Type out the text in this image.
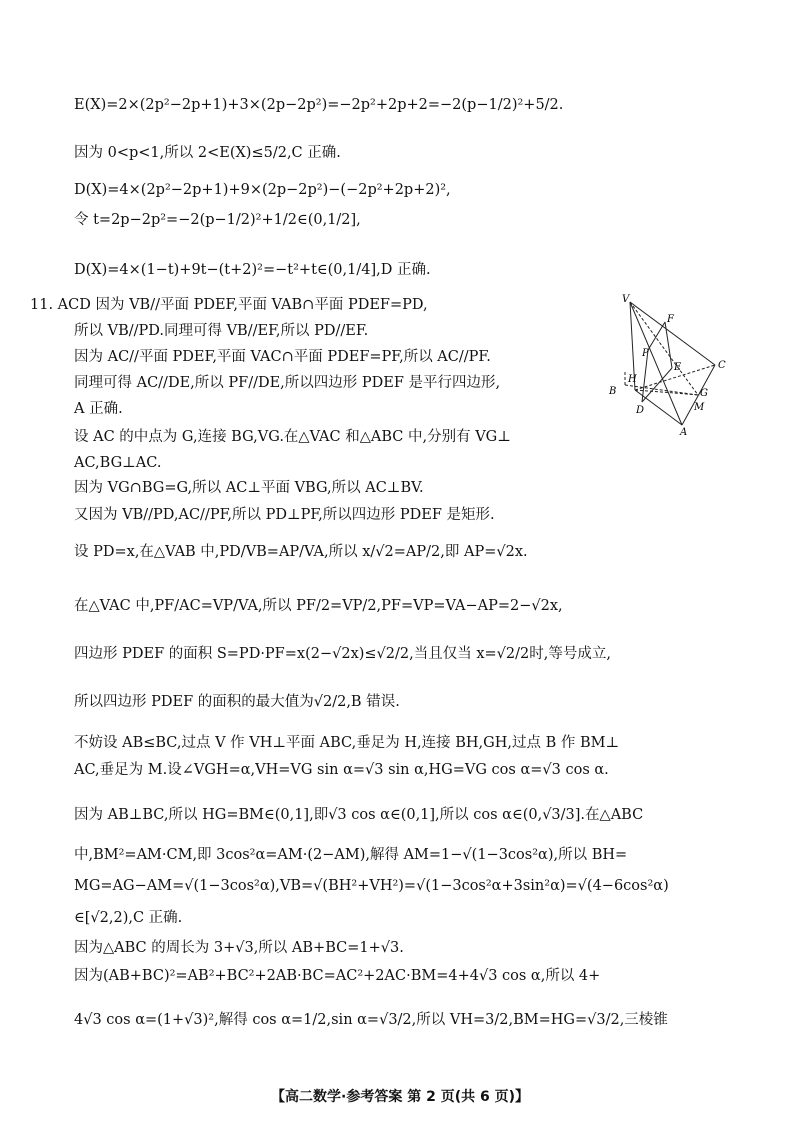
E(X)=2×(2p²−2p+1)+3×(2p−2p²)=−2p²+2p+2=−2(p−1/2)²+5/2.
因为 0<p<1,所以 2<E(X)≤5/2,C 正确.
D(X)=4×(2p²−2p+1)+9×(2p−2p²)−(−2p²+2p+2)²,
令 t=2p−2p²=−2(p−1/2)²+1/2∈(0,1/2],
D(X)=4×(1−t)+9t−(t+2)²=−t²+t∈(0,1/4],D 正确.
11. ACD 因为 VB//平面 PDEF,平面 VAB∩平面 PDEF=PD,
所以 VB//PD.同理可得 VB//EF,所以 PD//EF.
因为 AC//平面 PDEF,平面 VAC∩平面 PDEF=PF,所以 AC//PF.
同理可得 AC//DE,所以 PF//DE,所以四边形 PDEF 是平行四边形,
A 正确.
设 AC 的中点为 G,连接 BG,VG.在△VAC 和△ABC 中,分别有 VG⊥
AC,BG⊥AC.
因为 VG∩BG=G,所以 AC⊥平面 VBG,所以 AC⊥BV.
又因为 VB//PD,AC//PF,所以 PD⊥PF,所以四边形 PDEF 是矩形.
设 PD=x,在△VAB 中,PD/VB=AP/VA,所以 x/√2=AP/2,即 AP=√2x.
在△VAC 中,PF/AC=VP/VA,所以 PF/2=VP/2,PF=VP=VA−AP=2−√2x,
四边形 PDEF 的面积 S=PD·PF=x(2−√2x)≤√2/2,当且仅当 x=√2/2时,等号成立,
所以四边形 PDEF 的面积的最大值为√2/2,B 错误.
不妨设 AB≤BC,过点 V 作 VH⊥平面 ABC,垂足为 H,连接 BH,GH,过点 B 作 BM⊥
AC,垂足为 M.设∠VGH=α,VH=VG sin α=√3 sin α,HG=VG cos α=√3 cos α.
因为 AB⊥BC,所以 HG=BM∈(0,1],即√3 cos α∈(0,1],所以 cos α∈(0,√3/3].在△ABC
中,BM²=AM·CM,即 3cos²α=AM·(2−AM),解得 AM=1−√(1−3cos²α),所以 BH=
MG=AG−AM=√(1−3cos²α),VB=√(BH²+VH²)=√(1−3cos²α+3sin²α)=√(4−6cos²α)
∈[√2,2),C 正确.
因为△ABC 的周长为 3+√3,所以 AB+BC=1+√3.
因为(AB+BC)²=AB²+BC²+2AB·BC=AC²+2AC·BM=4+4√3 cos α,所以 4+
4√3 cos α=(1+√3)²,解得 cos α=1/2,sin α=√3/2,所以 VH=3/2,BM=HG=√3/2,三棱锥
V
F
P
E	C
H
B	G
M
D
A
【高二数学·参考答案 第 2 页(共 6 页)】
